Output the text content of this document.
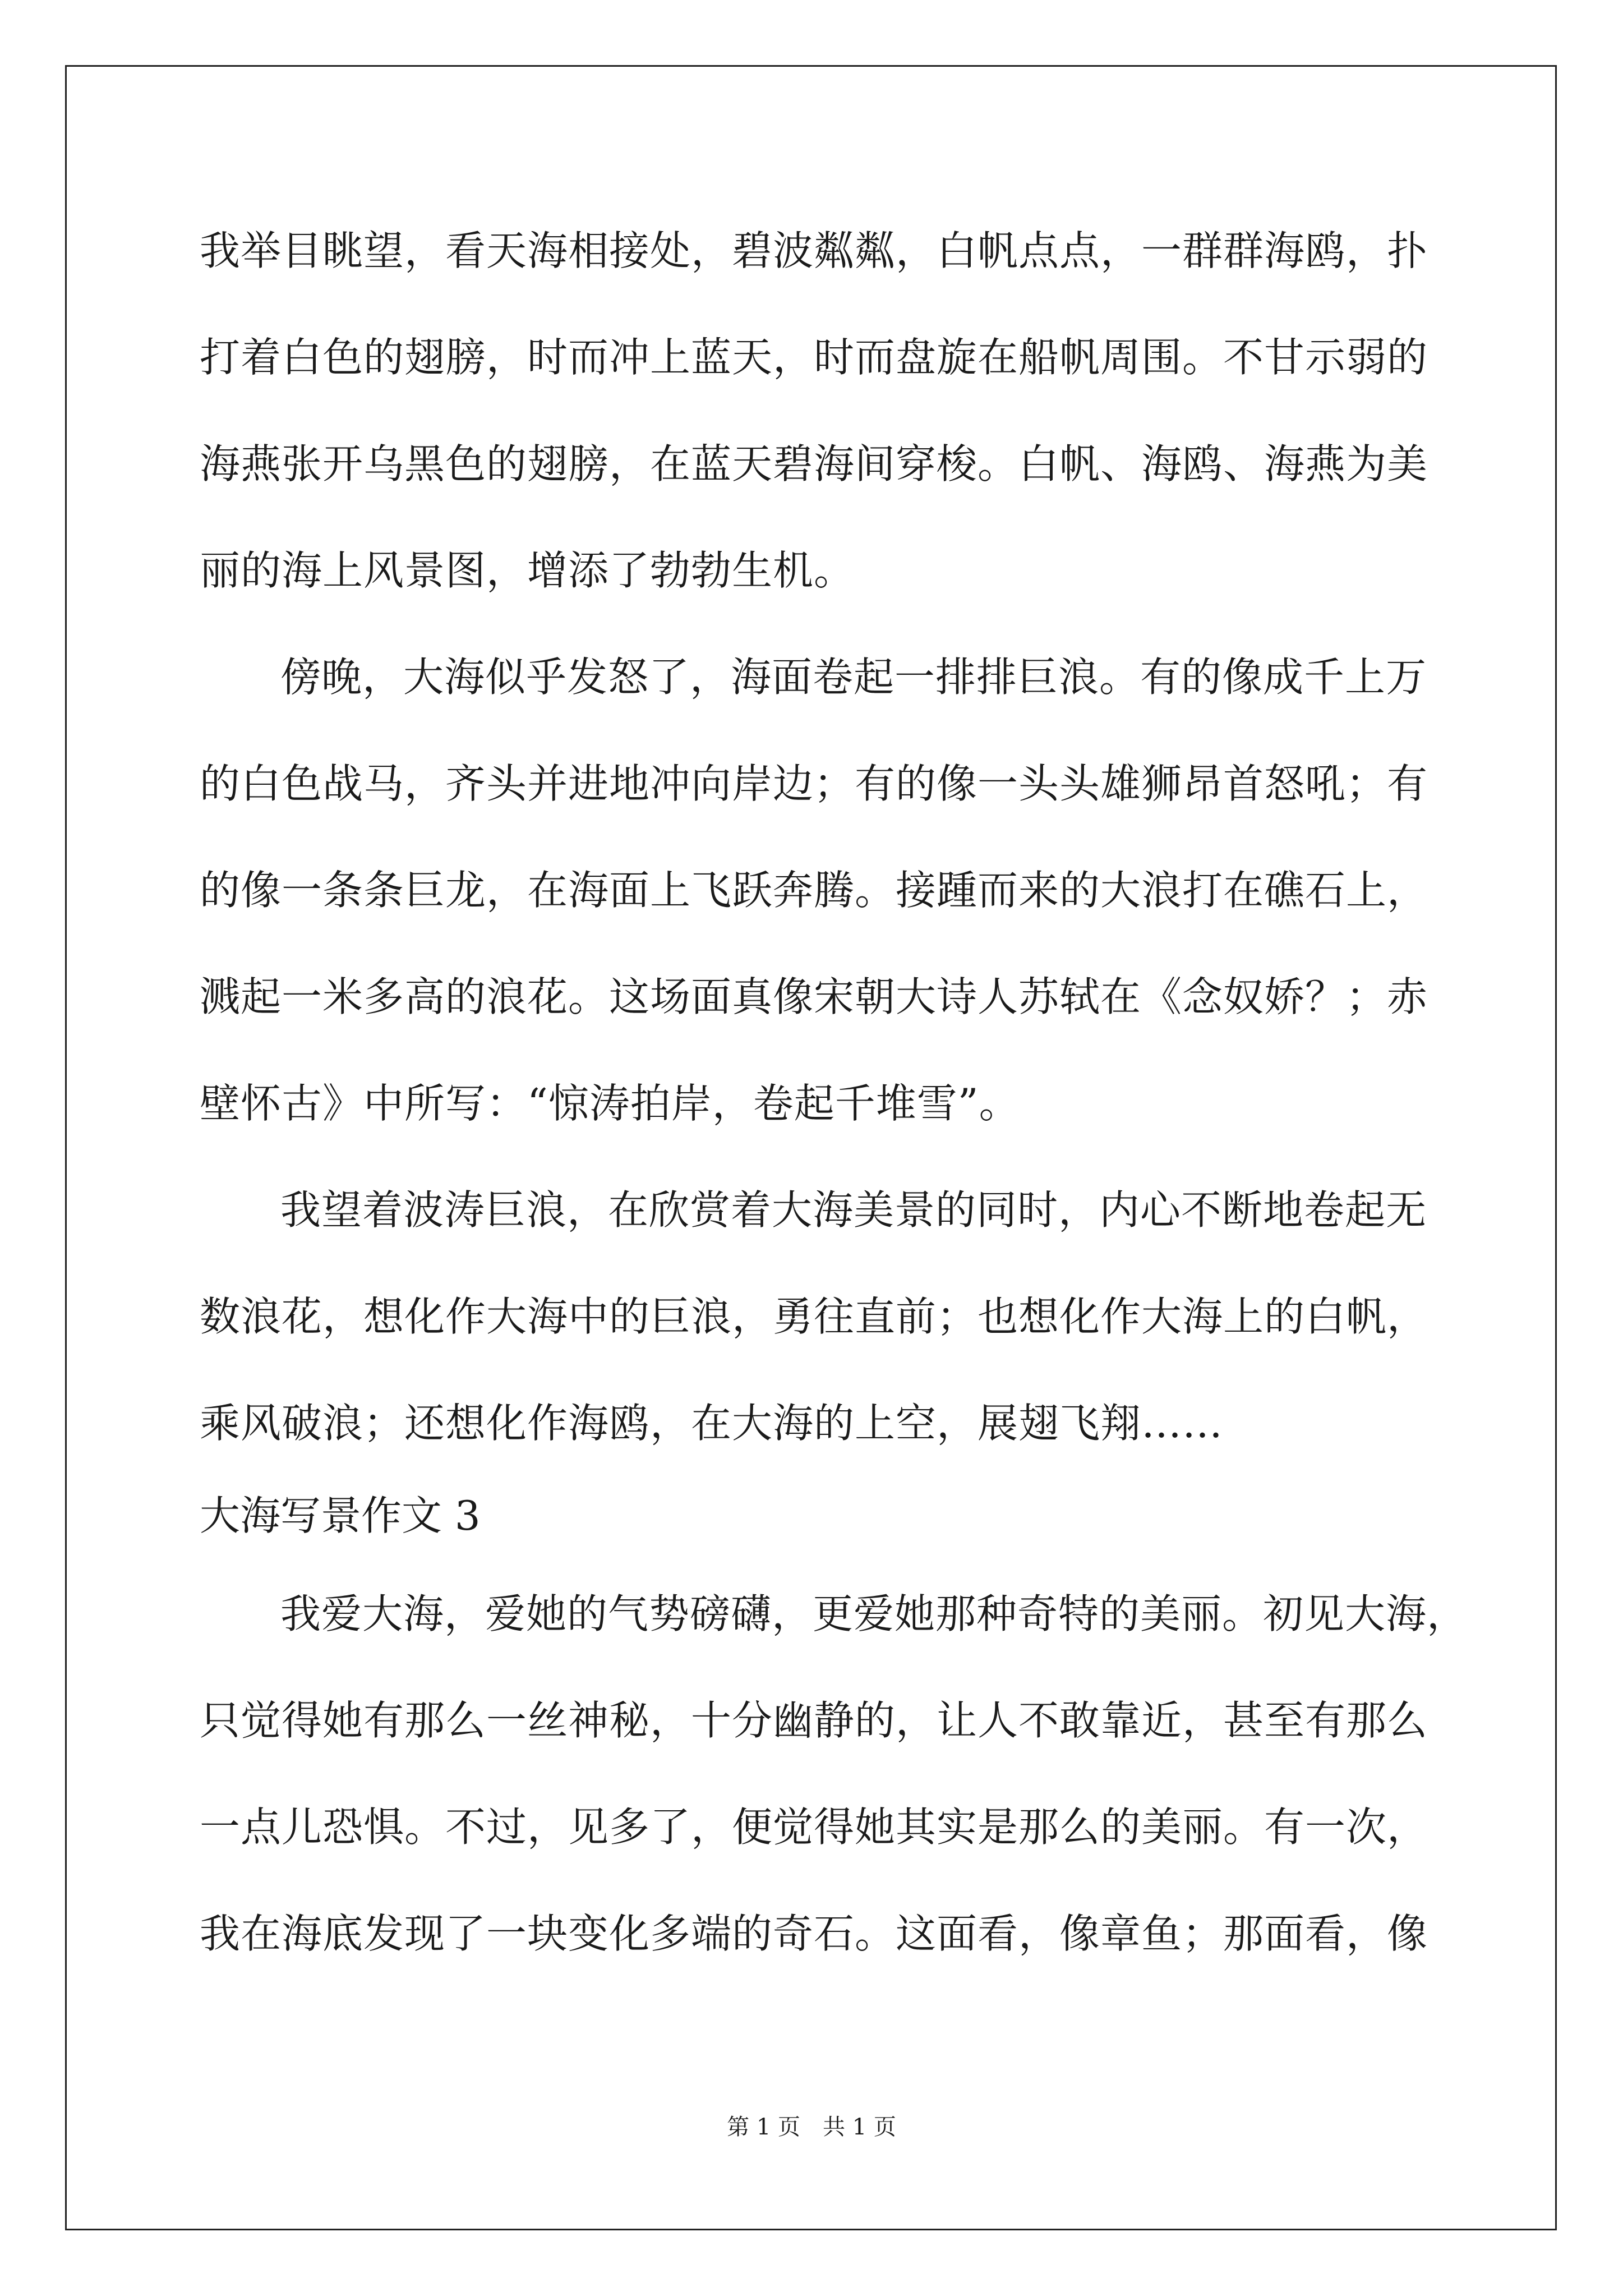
我举目眺望，看天海相接处，碧波粼粼，白帆点点，一群群海鸥，扑
打着白色的翅膀，时而冲上蓝天，时而盘旋在船帆周围。不甘示弱的
海燕张开乌黑色的翅膀，在蓝天碧海间穿梭。白帆、海鸥、海燕为美
丽的海上风景图，增添了勃勃生机。
傍晚，大海似乎发怒了，海面卷起一排排巨浪。有的像成千上万
的白色战马，齐头并进地冲向岸边；有的像一头头雄狮昂首怒吼；有
的像一条条巨龙，在海面上飞跃奔腾。接踵而来的大浪打在礁石上，
溅起一米多高的浪花。这场面真像宋朝大诗人苏轼在《念奴娇？；赤
壁怀古》中所写：“惊涛拍岸，卷起千堆雪”。
我望着波涛巨浪，在欣赏着大海美景的同时，内心不断地卷起无
数浪花，想化作大海中的巨浪，勇往直前；也想化作大海上的白帆，
乘风破浪；还想化作海鸥，在大海的上空，展翅飞翔……
大海写景作文 3
我爱大海，爱她的气势磅礴，更爱她那种奇特的美丽。初见大海，
只觉得她有那么一丝神秘，十分幽静的，让人不敢靠近，甚至有那么
一点儿恐惧。不过，见多了，便觉得她其实是那么的美丽。有一次，
我在海底发现了一块变化多端的奇石。这面看，像章鱼；那面看，像
第 1 页　共 1 页
